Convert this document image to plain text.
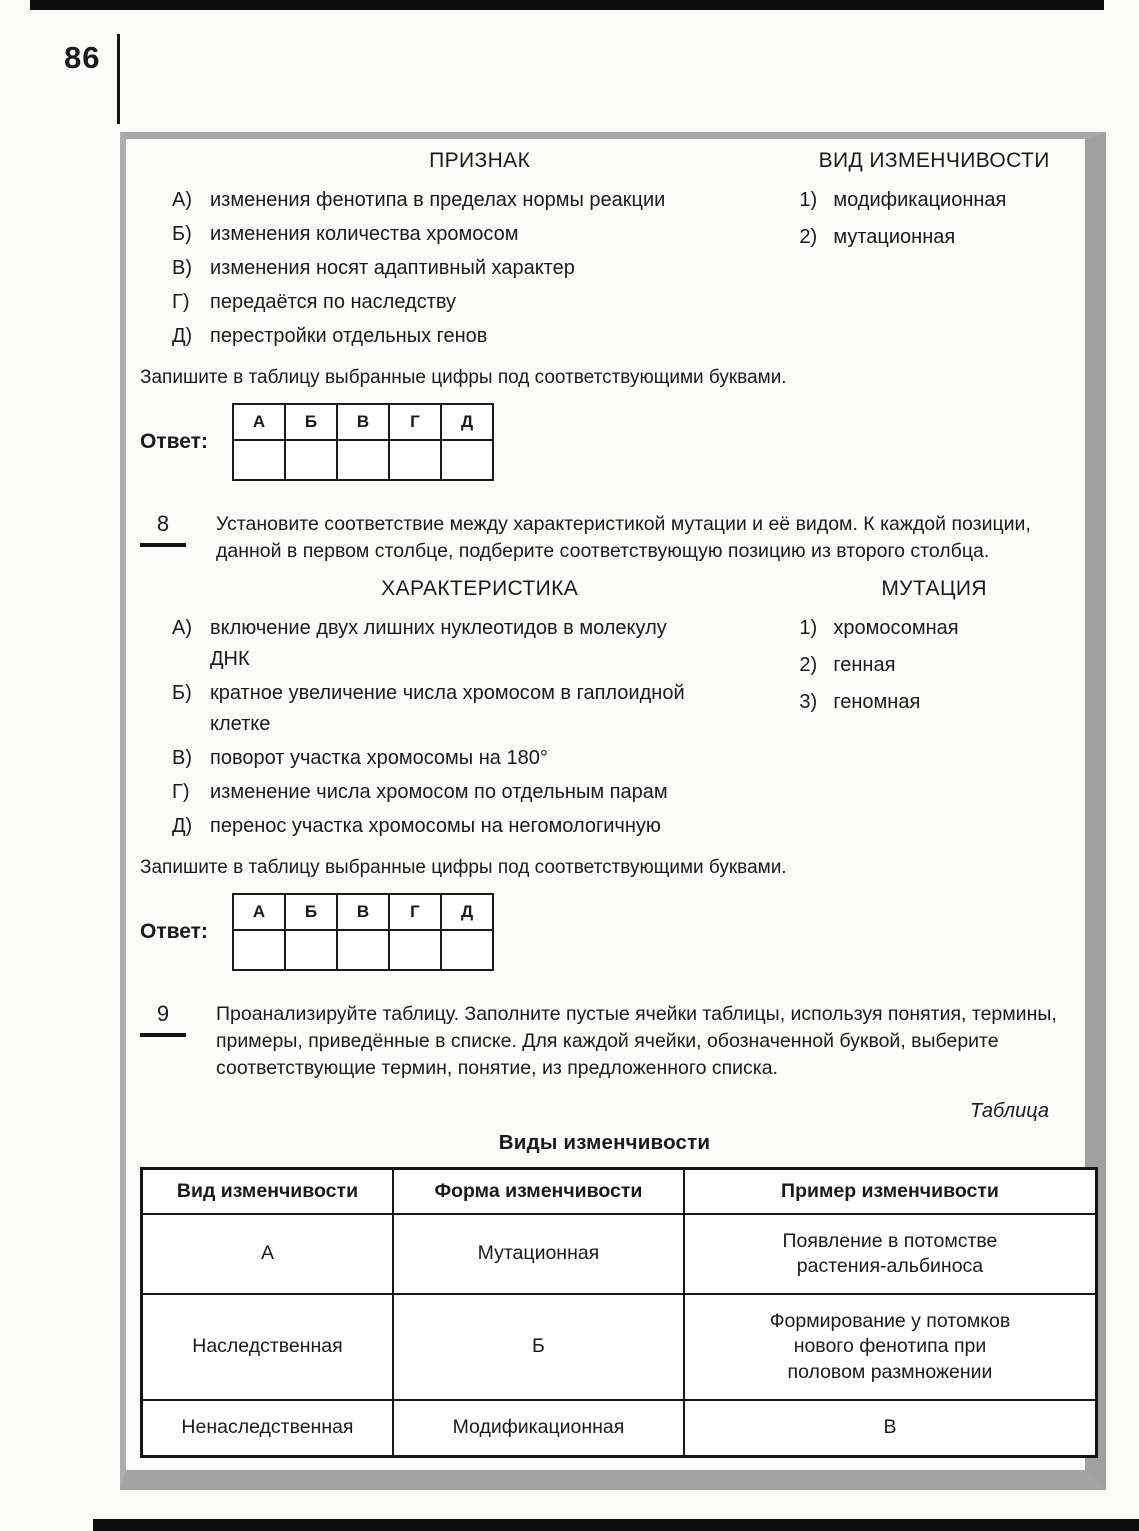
86
ПРИЗНАК
А) изменения фенотипа в пределах нормы реакции
Б) изменения количества хромосом
В) изменения носят адаптивный характер
Г)	передаётся по наследству
Д) перестройки отдельных генов
ВИД ИЗМЕНЧИВОСТИ
1) модификационная
2) мутационная

Запишите в таблицу выбранные цифры под соответствующими буквами.

Ответ:
А	Б	В	Г	Д

8	Установите соответствие между характеристикой мутации и её видом. К каждой позиции, данной в первом столбце, подберите соответствующую позицию из второго столбца.

ХАРАКТЕРИСТИКА
А) включение двух лишних нуклеотидов в молекулу ДНК
Б) кратное увеличение числа хромосом в гаплоидной клетке
В) поворот участка хромосомы на 180°
Г)	изменение числа хромосом по отдельным парам
Д) перенос участка хромосомы на негомологичную
МУТАЦИЯ
1) хромосомная
2) генная
3) геномная

Запишите в таблицу выбранные цифры под соответствующими буквами.

Ответ:
А	Б	В	Г	Д

9	Проанализируйте таблицу. Заполните пустые ячейки таблицы, используя понятия, термины, примеры, приведённые в списке. Для каждой ячейки, обозначенной буквой, выберите соответствующие термин, понятие, из предложенного списка.

Таблица
Виды изменчивости
Вид изменчивости	Форма изменчивости	Пример изменчивости
А	Мутационная	Появление в потомстве растения-альбиноса
Наследственная	Б	Формирование у потомков нового фенотипа при половом размножении
Ненаследственная	Модификационная	В
